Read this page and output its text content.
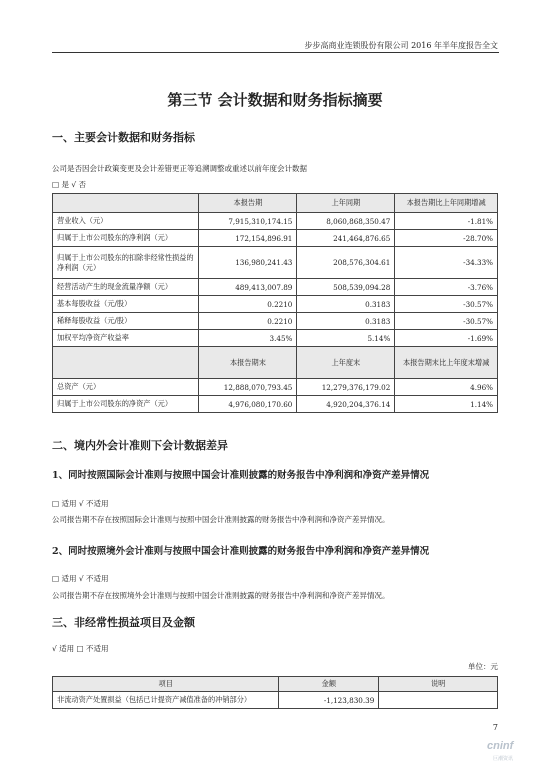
步步高商业连锁股份有限公司 2016 年半年度报告全文
第三节 会计数据和财务指标摘要
一、主要会计数据和财务指标
公司是否因会计政策变更及会计差错更正等追溯调整或重述以前年度会计数据
□ 是 √ 否
	本报告期	上年同期	本报告期比上年同期增减
营业收入（元）	7,915,310,174.15	8,060,868,350.47	-1.81%
归属于上市公司股东的净利润（元）	172,154,896.91	241,464,876.65	-28.70%
归属于上市公司股东的扣除非经常性损益的净利润（元）	136,980,241.43	208,576,304.61	-34.33%
经营活动产生的现金流量净额（元）	489,413,007.89	508,539,094.28	-3.76%
基本每股收益（元/股）	0.2210	0.3183	-30.57%
稀释每股收益（元/股）	0.2210	0.3183	-30.57%
加权平均净资产收益率	3.45%	5.14%	-1.69%
	本报告期末	上年度末	本报告期末比上年度末增减
总资产（元）	12,888,070,793.45	12,279,376,179.02	4.96%
归属于上市公司股东的净资产（元）	4,976,080,170.60	4,920,204,376.14	1.14%
二、境内外会计准则下会计数据差异
1、同时按照国际会计准则与按照中国会计准则披露的财务报告中净利润和净资产差异情况
□ 适用 √ 不适用
公司报告期不存在按照国际会计准则与按照中国会计准则披露的财务报告中净利润和净资产差异情况。
2、同时按照境外会计准则与按照中国会计准则披露的财务报告中净利润和净资产差异情况
□ 适用 √ 不适用
公司报告期不存在按照境外会计准则与按照中国会计准则披露的财务报告中净利润和净资产差异情况。
三、非经常性损益项目及金额
√ 适用 □ 不适用
单位：元
项目	金额	说明
非流动资产处置损益（包括已计提资产减值准备的冲销部分）	-1,123,830.39	
7
cninf
巨潮资讯
